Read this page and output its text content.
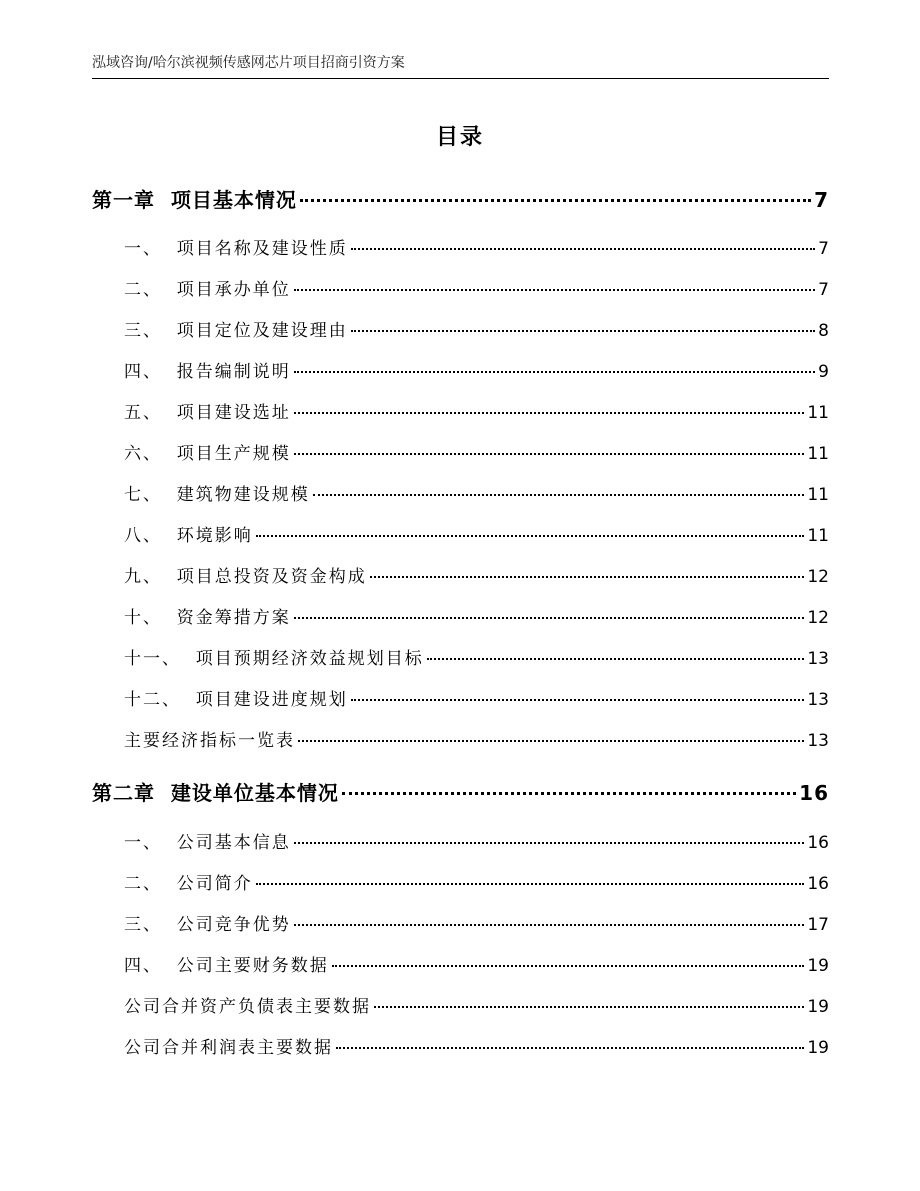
泓域咨询/哈尔滨视频传感网芯片项目招商引资方案
目录
第一章  项目基本情况	7
一、  项目名称及建设性质	7
二、  项目承办单位	7
三、  项目定位及建设理由	8
四、  报告编制说明	9
五、  项目建设选址	11
六、  项目生产规模	11
七、  建筑物建设规模	11
八、  环境影响	11
九、  项目总投资及资金构成	12
十、  资金筹措方案	12
十一、  项目预期经济效益规划目标	13
十二、  项目建设进度规划	13
主要经济指标一览表	13
第二章  建设单位基本情况	16
一、  公司基本信息	16
二、  公司简介	16
三、  公司竞争优势	17
四、  公司主要财务数据	19
公司合并资产负债表主要数据	19
公司合并利润表主要数据	19
